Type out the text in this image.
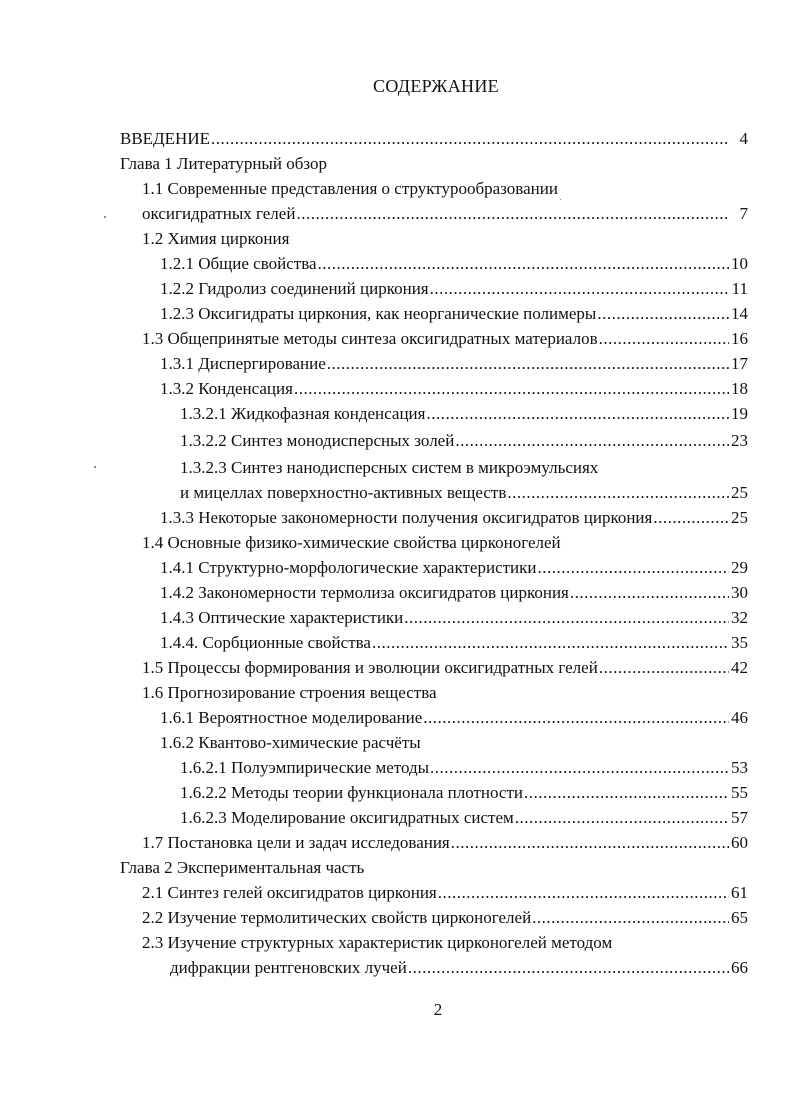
СОДЕРЖАНИЕ
ВВЕДЕНИЕ .....	4
Глава 1 Литературный обзор
1.1 Современные представления о структурообразовании
оксигидратных гелей .....	7
1.2 Химия циркония
1.2.1 Общие свойства .....	10
1.2.2 Гидролиз соединений циркония .....	11
1.2.3 Оксигидраты циркония, как неорганические полимеры .....	14
1.3 Общепринятые методы синтеза оксигидратных материалов .....	16
1.3.1 Диспергирование .....	17
1.3.2 Конденсация .....	18
1.3.2.1 Жидкофазная конденсация .....	19
1.3.2.2 Синтез монодисперсных золей .....	23
1.3.2.3 Синтез нанодисперсных систем в микроэмульсиях
и мицеллах поверхностно-активных веществ .....	25
1.3.3 Некоторые закономерности получения оксигидратов циркония .....	25
1.4 Основные физико-химические свойства цирконогелей
1.4.1 Структурно-морфологические характеристики .....	29
1.4.2 Закономерности термолиза оксигидратов циркония .....	30
1.4.3 Оптические характеристики .....	32
1.4.4. Сорбционные свойства .....	35
1.5 Процессы формирования и эволюции оксигидратных гелей .....	42
1.6 Прогнозирование строения вещества
1.6.1 Вероятностное моделирование .....	46
1.6.2 Квантово-химические расчёты
1.6.2.1 Полуэмпирические методы .....	53
1.6.2.2 Методы теории функционала плотности .....	55
1.6.2.3 Моделирование оксигидратных систем .....	57
1.7 Постановка цели и задач исследования .....	60
Глава 2 Экспериментальная часть
2.1 Синтез гелей оксигидратов циркония .....	61
2.2 Изучение термолитических свойств цирконогелей .....	65
2.3 Изучение структурных характеристик цирконогелей методом
дифракции рентгеновских лучей .....	66
2
